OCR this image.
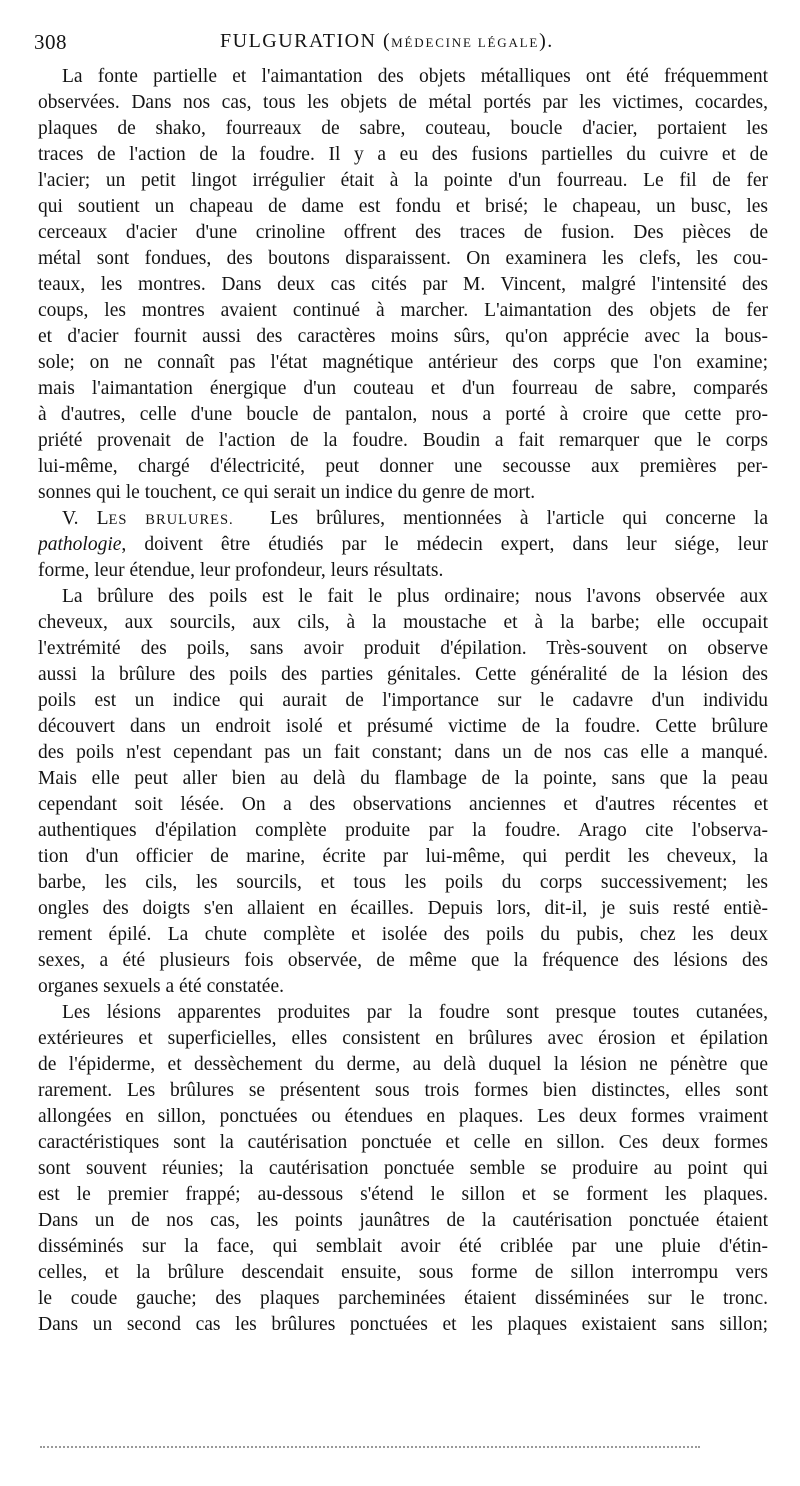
308	FULGURATION (MÉDECINE LÉGALE).
La fonte partielle et l'aimantation des objets métalliques ont été fréquemment
observées. Dans nos cas, tous les objets de métal portés par les victimes, cocardes,
plaques de shako, fourreaux de sabre, couteau, boucle d'acier, portaient les
traces de l'action de la foudre. Il y a eu des fusions partielles du cuivre et de
l'acier; un petit lingot irrégulier était à la pointe d'un fourreau. Le fil de fer
qui soutient un chapeau de dame est fondu et brisé; le chapeau, un busc, les
cerceaux d'acier d'une crinoline offrent des traces de fusion. Des pièces de
métal sont fondues, des boutons disparaissent. On examinera les clefs, les cou-
teaux, les montres. Dans deux cas cités par M. Vincent, malgré l'intensité des
coups, les montres avaient continué à marcher. L'aimantation des objets de fer
et d'acier fournit aussi des caractères moins sûrs, qu'on apprécie avec la bous-
sole; on ne connaît pas l'état magnétique antérieur des corps que l'on examine;
mais l'aimantation énergique d'un couteau et d'un fourreau de sabre, comparés
à d'autres, celle d'une boucle de pantalon, nous a porté à croire que cette pro-
priété provenait de l'action de la foudre. Boudin a fait remarquer que le corps
lui-même, chargé d'électricité, peut donner une secousse aux premières per-
sonnes qui le touchent, ce qui serait un indice du genre de mort.
V. LES BRULURES. Les brûlures, mentionnées à l'article qui concerne la
pathologie, doivent être étudiés par le médecin expert, dans leur siége, leur
forme, leur étendue, leur profondeur, leurs résultats.
La brûlure des poils est le fait le plus ordinaire; nous l'avons observée aux
cheveux, aux sourcils, aux cils, à la moustache et à la barbe; elle occupait
l'extrémité des poils, sans avoir produit d'épilation. Très-souvent on observe
aussi la brûlure des poils des parties génitales. Cette généralité de la lésion des
poils est un indice qui aurait de l'importance sur le cadavre d'un individu
découvert dans un endroit isolé et présumé victime de la foudre. Cette brûlure
des poils n'est cependant pas un fait constant; dans un de nos cas elle a manqué.
Mais elle peut aller bien au delà du flambage de la pointe, sans que la peau
cependant soit lésée. On a des observations anciennes et d'autres récentes et
authentiques d'épilation complète produite par la foudre. Arago cite l'observa-
tion d'un officier de marine, écrite par lui-même, qui perdit les cheveux, la
barbe, les cils, les sourcils, et tous les poils du corps successivement; les
ongles des doigts s'en allaient en écailles. Depuis lors, dit-il, je suis resté entiè-
rement épilé. La chute complète et isolée des poils du pubis, chez les deux
sexes, a été plusieurs fois observée, de même que la fréquence des lésions des
organes sexuels a été constatée.
Les lésions apparentes produites par la foudre sont presque toutes cutanées,
extérieures et superficielles, elles consistent en brûlures avec érosion et épilation
de l'épiderme, et dessèchement du derme, au delà duquel la lésion ne pénètre que
rarement. Les brûlures se présentent sous trois formes bien distinctes, elles sont
allongées en sillon, ponctuées ou étendues en plaques. Les deux formes vraiment
caractéristiques sont la cautérisation ponctuée et celle en sillon. Ces deux formes
sont souvent réunies; la cautérisation ponctuée semble se produire au point qui
est le premier frappé; au-dessous s'étend le sillon et se forment les plaques.
Dans un de nos cas, les points jaunâtres de la cautérisation ponctuée étaient
disséminés sur la face, qui semblait avoir été criblée par une pluie d'étin-
celles, et la brûlure descendait ensuite, sous forme de sillon interrompu vers
le coude gauche; des plaques parcheminées étaient disséminées sur le tronc.
Dans un second cas les brûlures ponctuées et les plaques existaient sans sillon;
